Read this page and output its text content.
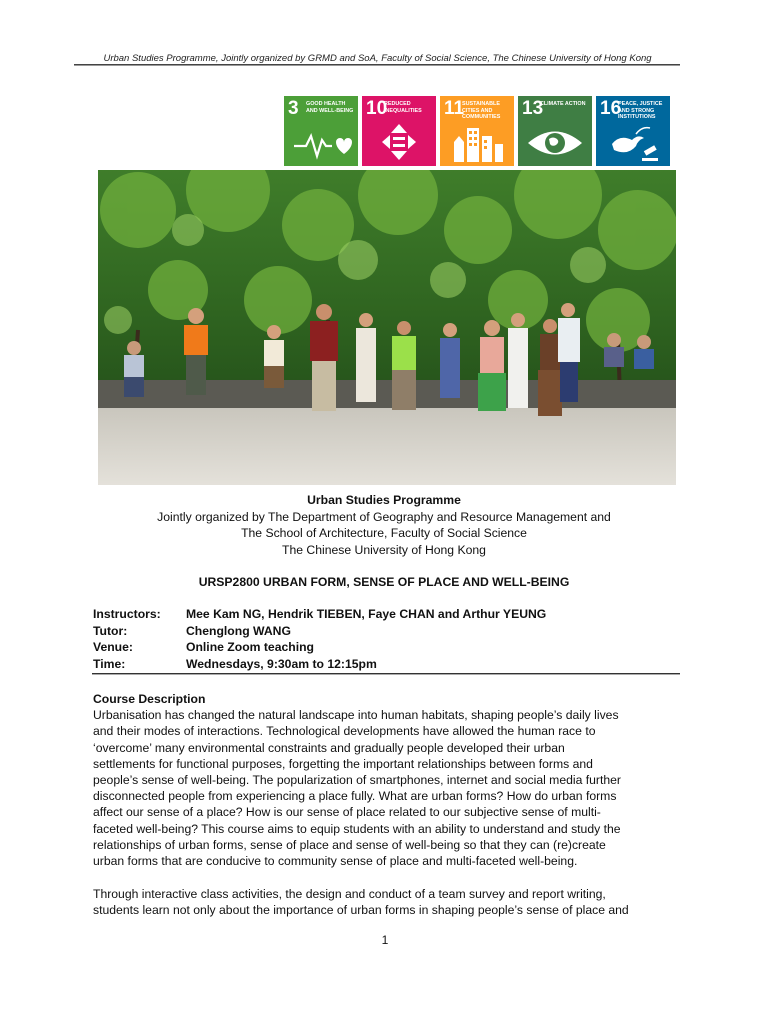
Urban Studies Programme, Jointly organized by GRMD and SoA, Faculty of Social Science, The Chinese University of Hong Kong
3 GOOD HEALTH AND WELL-BEING 10
REDUCED INEQUALITIES	11
SUSTAINABLE CITIES AND COMMUNITIES	13
CLIMATE ACTION 16
PEACE, JUSTICE AND STRONG INSTITUTIONS
Urban Studies Programme
Jointly organized by The Department of Geography and Resource Management and
The School of Architecture, Faculty of Social Science
The Chinese University of Hong Kong
URSP2800 URBAN FORM, SENSE OF PLACE AND WELL-BEING
Instructors: Mee Kam NG, Hendrik TIEBEN, Faye CHAN and Arthur YEUNG
Tutor:	Chenglong WANG
Venue:	Online Zoom teaching
Time:	Wednesdays, 9:30am to 12:15pm
Course Description
Urbanisation has changed the natural landscape into human habitats, shaping people’s daily lives
and their modes of interactions. Technological developments have allowed the human race to
‘overcome’ many environmental constraints and gradually people developed their urban
settlements for functional purposes, forgetting the important relationships between forms and
people’s sense of well-being. The popularization of smartphones, internet and social media further
disconnected people from experiencing a place fully. What are urban forms? How do urban forms
affect our sense of a place? How is our sense of place related to our subjective sense of multi-
faceted well-being? This course aims to equip students with an ability to understand and study the
relationships of urban forms, sense of place and sense of well-being so that they can (re)create
urban forms that are conducive to community sense of place and multi-faceted well-being.
Through interactive class activities, the design and conduct of a team survey and report writing,
students learn not only about the importance of urban forms in shaping people’s sense of place and
1
